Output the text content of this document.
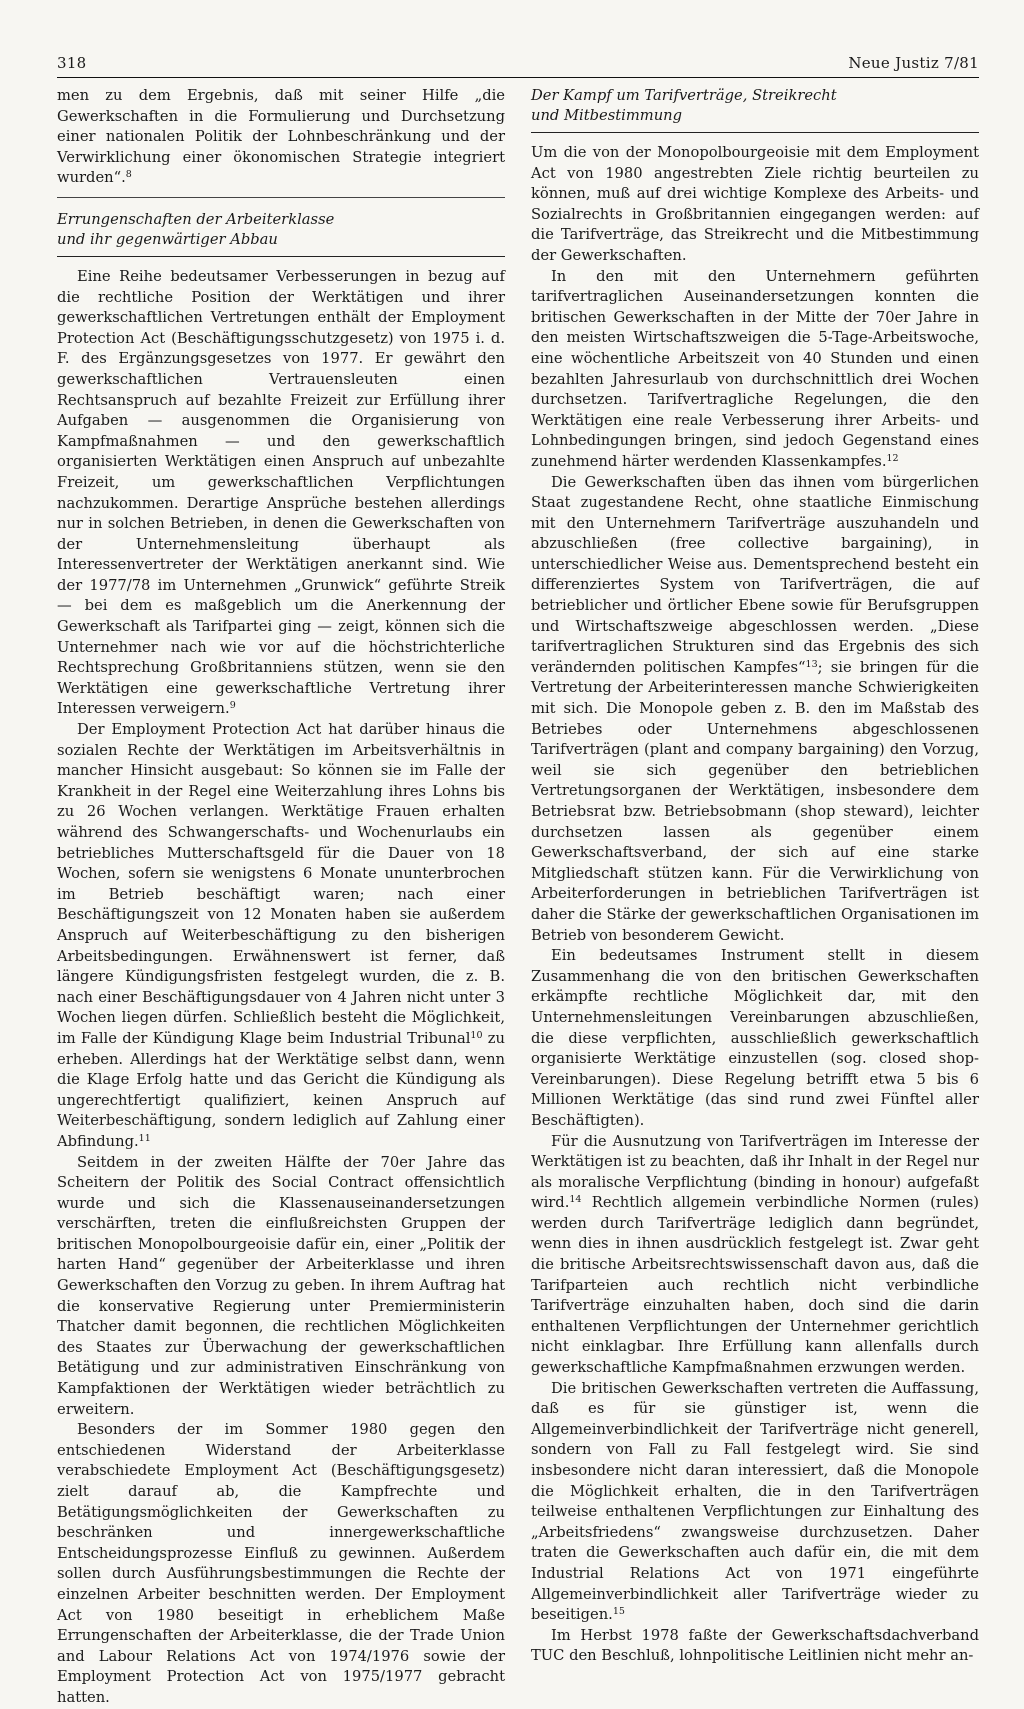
318	Neue Justiz 7/81

men zu dem Ergebnis, daß mit seiner Hilfe „die Gewerkschaften in die Formulierung und Durchsetzung einer nationalen Politik der Lohnbeschränkung und der Verwirklichung einer ökonomischen Strategie integriert wurden“.$^8$

Errungenschaften der Arbeiterklasse
und ihr gegenwärtiger Abbau

Eine Reihe bedeutsamer Verbesserungen in bezug auf die rechtliche Position der Werktätigen und ihrer gewerkschaftlichen Vertretungen enthält der Employment Protection Act (Beschäftigungsschutzgesetz) von 1975 i. d. F. des Ergänzungsgesetzes von 1977. Er gewährt den gewerkschaftlichen Vertrauensleuten einen Rechtsanspruch auf bezahlte Freizeit zur Erfüllung ihrer Aufgaben — ausgenommen die Organisierung von Kampfmaßnahmen — und den gewerkschaftlich organisierten Werktätigen einen Anspruch auf unbezahlte Freizeit, um gewerkschaftlichen Verpflichtungen nachzukommen. Derartige Ansprüche bestehen allerdings nur in solchen Betrieben, in denen die Gewerkschaften von der Unternehmensleitung überhaupt als Interessenvertreter der Werktätigen anerkannt sind. Wie der 1977/78 im Unternehmen „Grunwick“ geführte Streik — bei dem es maßgeblich um die Anerkennung der Gewerkschaft als Tarifpartei ging — zeigt, können sich die Unternehmer nach wie vor auf die höchstrichterliche Rechtsprechung Großbritanniens stützen, wenn sie den Werktätigen eine gewerkschaftliche Vertretung ihrer Interessen verweigern.$^9$

Der Employment Protection Act hat darüber hinaus die sozialen Rechte der Werktätigen im Arbeitsverhältnis in mancher Hinsicht ausgebaut: So können sie im Falle der Krankheit in der Regel eine Weiterzahlung ihres Lohns bis zu 26 Wochen verlangen. Werktätige Frauen erhalten während des Schwangerschafts- und Wochenurlaubs ein betriebliches Mutterschaftsgeld für die Dauer von 18 Wochen, sofern sie wenigstens 6 Monate ununterbrochen im Betrieb beschäftigt waren; nach einer Beschäftigungszeit von 12 Monaten haben sie außerdem Anspruch auf Weiterbeschäftigung zu den bisherigen Arbeitsbedingungen. Erwähnenswert ist ferner, daß längere Kündigungsfristen festgelegt wurden, die z. B. nach einer Beschäftigungsdauer von 4 Jahren nicht unter 3 Wochen liegen dürfen. Schließlich besteht die Möglichkeit, im Falle der Kündigung Klage beim Industrial Tribunal$^{10}$ zu erheben. Allerdings hat der Werktätige selbst dann, wenn die Klage Erfolg hatte und das Gericht die Kündigung als ungerechtfertigt qualifiziert, keinen Anspruch auf Weiterbeschäftigung, sondern lediglich auf Zahlung einer Abfindung.$^{11}$

Seitdem in der zweiten Hälfte der 70er Jahre das Scheitern der Politik des Social Contract offensichtlich wurde und sich die Klassenauseinandersetzungen verschärften, treten die einflußreichsten Gruppen der britischen Monopolbourgeoisie dafür ein, einer „Politik der harten Hand“ gegenüber der Arbeiterklasse und ihren Gewerkschaften den Vorzug zu geben. In ihrem Auftrag hat die konservative Regierung unter Premierministerin Thatcher damit begonnen, die rechtlichen Möglichkeiten des Staates zur Überwachung der gewerkschaftlichen Betätigung und zur administrativen Einschränkung von Kampfaktionen der Werktätigen wieder beträchtlich zu erweitern.

Besonders der im Sommer 1980 gegen den entschiedenen Widerstand der Arbeiterklasse verabschiedete Employment Act (Beschäftigungsgesetz) zielt darauf ab, die Kampfrechte und Betätigungsmöglichkeiten der Gewerkschaften zu beschränken und innergewerkschaftliche Entscheidungsprozesse Einfluß zu gewinnen. Außerdem sollen durch Ausführungsbestimmungen die Rechte der einzelnen Arbeiter beschnitten werden. Der Employment Act von 1980 beseitigt in erheblichem Maße Errungenschaften der Arbeiterklasse, die der Trade Union and Labour Relations Act von 1974/1976 sowie der Employment Protection Act von 1975/1977 gebracht hatten.

Der Kampf um Tarifverträge, Streikrecht
und Mitbestimmung

Um die von der Monopolbourgeoisie mit dem Employment Act von 1980 angestrebten Ziele richtig beurteilen zu können, muß auf drei wichtige Komplexe des Arbeits- und Sozialrechts in Großbritannien eingegangen werden: auf die Tarifverträge, das Streikrecht und die Mitbestimmung der Gewerkschaften.

In den mit den Unternehmern geführten tarifvertraglichen Auseinandersetzungen konnten die britischen Gewerkschaften in der Mitte der 70er Jahre in den meisten Wirtschaftszweigen die 5-Tage-Arbeitswoche, eine wöchentliche Arbeitszeit von 40 Stunden und einen bezahlten Jahresurlaub von durchschnittlich drei Wochen durchsetzen. Tarifvertragliche Regelungen, die den Werktätigen eine reale Verbesserung ihrer Arbeits- und Lohnbedingungen bringen, sind jedoch Gegenstand eines zunehmend härter werdenden Klassenkampfes.$^{12}$

Die Gewerkschaften üben das ihnen vom bürgerlichen Staat zugestandene Recht, ohne staatliche Einmischung mit den Unternehmern Tarifverträge auszuhandeln und abzuschließen (free collective bargaining), in unterschiedlicher Weise aus. Dementsprechend besteht ein differenziertes System von Tarifverträgen, die auf betrieblicher und örtlicher Ebene sowie für Berufsgruppen und Wirtschaftszweige abgeschlossen werden. „Diese tarifvertraglichen Strukturen sind das Ergebnis des sich verändernden politischen Kampfes“$^{13}$; sie bringen für die Vertretung der Arbeiterinteressen manche Schwierigkeiten mit sich. Die Monopole geben z. B. den im Maßstab des Betriebes oder Unternehmens abgeschlossenen Tarifverträgen (plant and company bargaining) den Vorzug, weil sie sich gegenüber den betrieblichen Vertretungsorganen der Werktätigen, insbesondere dem Betriebsrat bzw. Betriebsobmann (shop steward), leichter durchsetzen lassen als gegenüber einem Gewerkschaftsverband, der sich auf eine starke Mitgliedschaft stützen kann. Für die Verwirklichung von Arbeiterforderungen in betrieblichen Tarifverträgen ist daher die Stärke der gewerkschaftlichen Organisationen im Betrieb von besonderem Gewicht.

Ein bedeutsames Instrument stellt in diesem Zusammenhang die von den britischen Gewerkschaften erkämpfte rechtliche Möglichkeit dar, mit den Unternehmensleitungen Vereinbarungen abzuschließen, die diese verpflichten, ausschließlich gewerkschaftlich organisierte Werktätige einzustellen (sog. closed shop-Vereinbarungen). Diese Regelung betrifft etwa 5 bis 6 Millionen Werktätige (das sind rund zwei Fünftel aller Beschäftigten).

Für die Ausnutzung von Tarifverträgen im Interesse der Werktätigen ist zu beachten, daß ihr Inhalt in der Regel nur als moralische Verpflichtung (binding in honour) aufgefaßt wird.$^{14}$ Rechtlich allgemein verbindliche Normen (rules) werden durch Tarifverträge lediglich dann begründet, wenn dies in ihnen ausdrücklich festgelegt ist. Zwar geht die britische Arbeitsrechtswissenschaft davon aus, daß die Tarifparteien auch rechtlich nicht verbindliche Tarifverträge einzuhalten haben, doch sind die darin enthaltenen Verpflichtungen der Unternehmer gerichtlich nicht einklagbar. Ihre Erfüllung kann allenfalls durch gewerkschaftliche Kampfmaßnahmen erzwungen werden.

Die britischen Gewerkschaften vertreten die Auffassung, daß es für sie günstiger ist, wenn die Allgemeinverbindlichkeit der Tarifverträge nicht generell, sondern von Fall zu Fall festgelegt wird. Sie sind insbesondere nicht daran interessiert, daß die Monopole die Möglichkeit erhalten, die in den Tarifverträgen teilweise enthaltenen Verpflichtungen zur Einhaltung des „Arbeitsfriedens“ zwangsweise durchzusetzen. Daher traten die Gewerkschaften auch dafür ein, die mit dem Industrial Relations Act von 1971 eingeführte Allgemeinverbindlichkeit aller Tarifverträge wieder zu beseitigen.$^{15}$

Im Herbst 1978 faßte der Gewerkschaftsdachverband TUC den Beschluß, lohnpolitische Leitlinien nicht mehr an-
